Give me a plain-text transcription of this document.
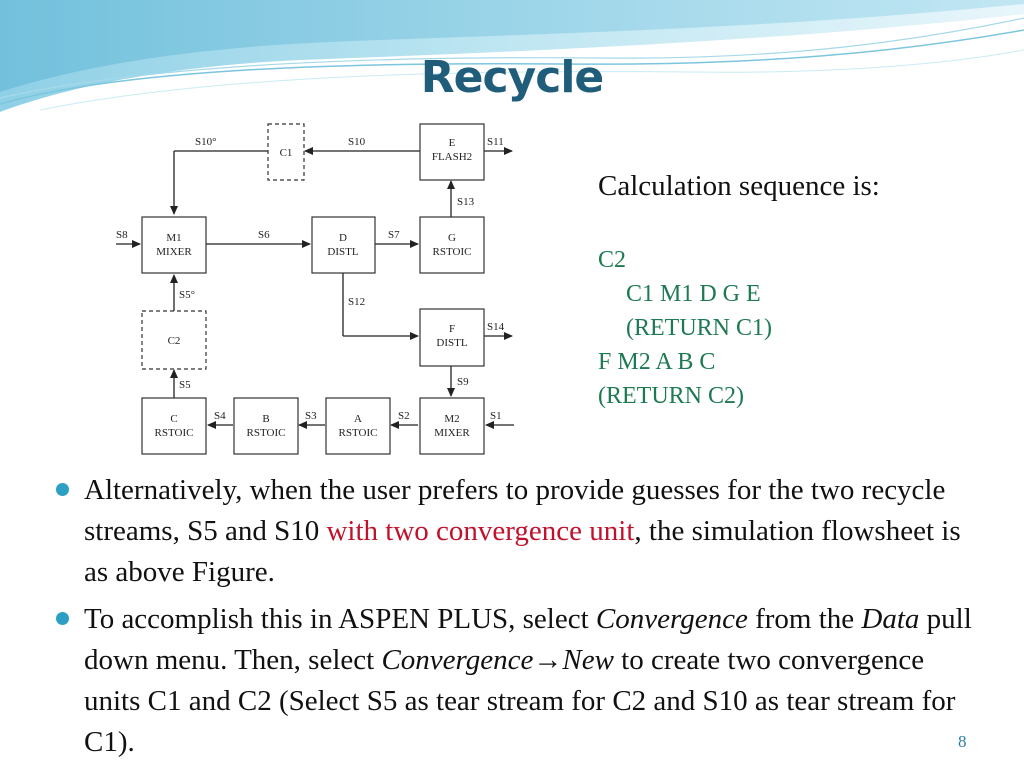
Recycle
C1
E
FLASH2
M1
MIXER
D
DISTL
G
RSTOIC
C2
F
DISTL
C
RSTOIC
B
RSTOIC
A
RSTOIC
M2
MIXER
S10°	S10	S11
S13
S8	S6	S7
S5°
S12
S14
S5	S9
S4	S3	S2	S1
Calculation sequence is:
C2
C1 M1 D G E
(RETURN C1)
F M2 A B C
(RETURN C2)
Alternatively, when the user prefers to provide guesses for the two recycle streams, S5 and S10 with two convergence unit, the simulation flowsheet is as above Figure.
To accomplish this in ASPEN PLUS, select Convergence from the Data pull down menu. Then, select Convergence→New to create two convergence units C1 and C2 (Select S5 as tear stream for C2 and S10 as tear stream for C1).	8
